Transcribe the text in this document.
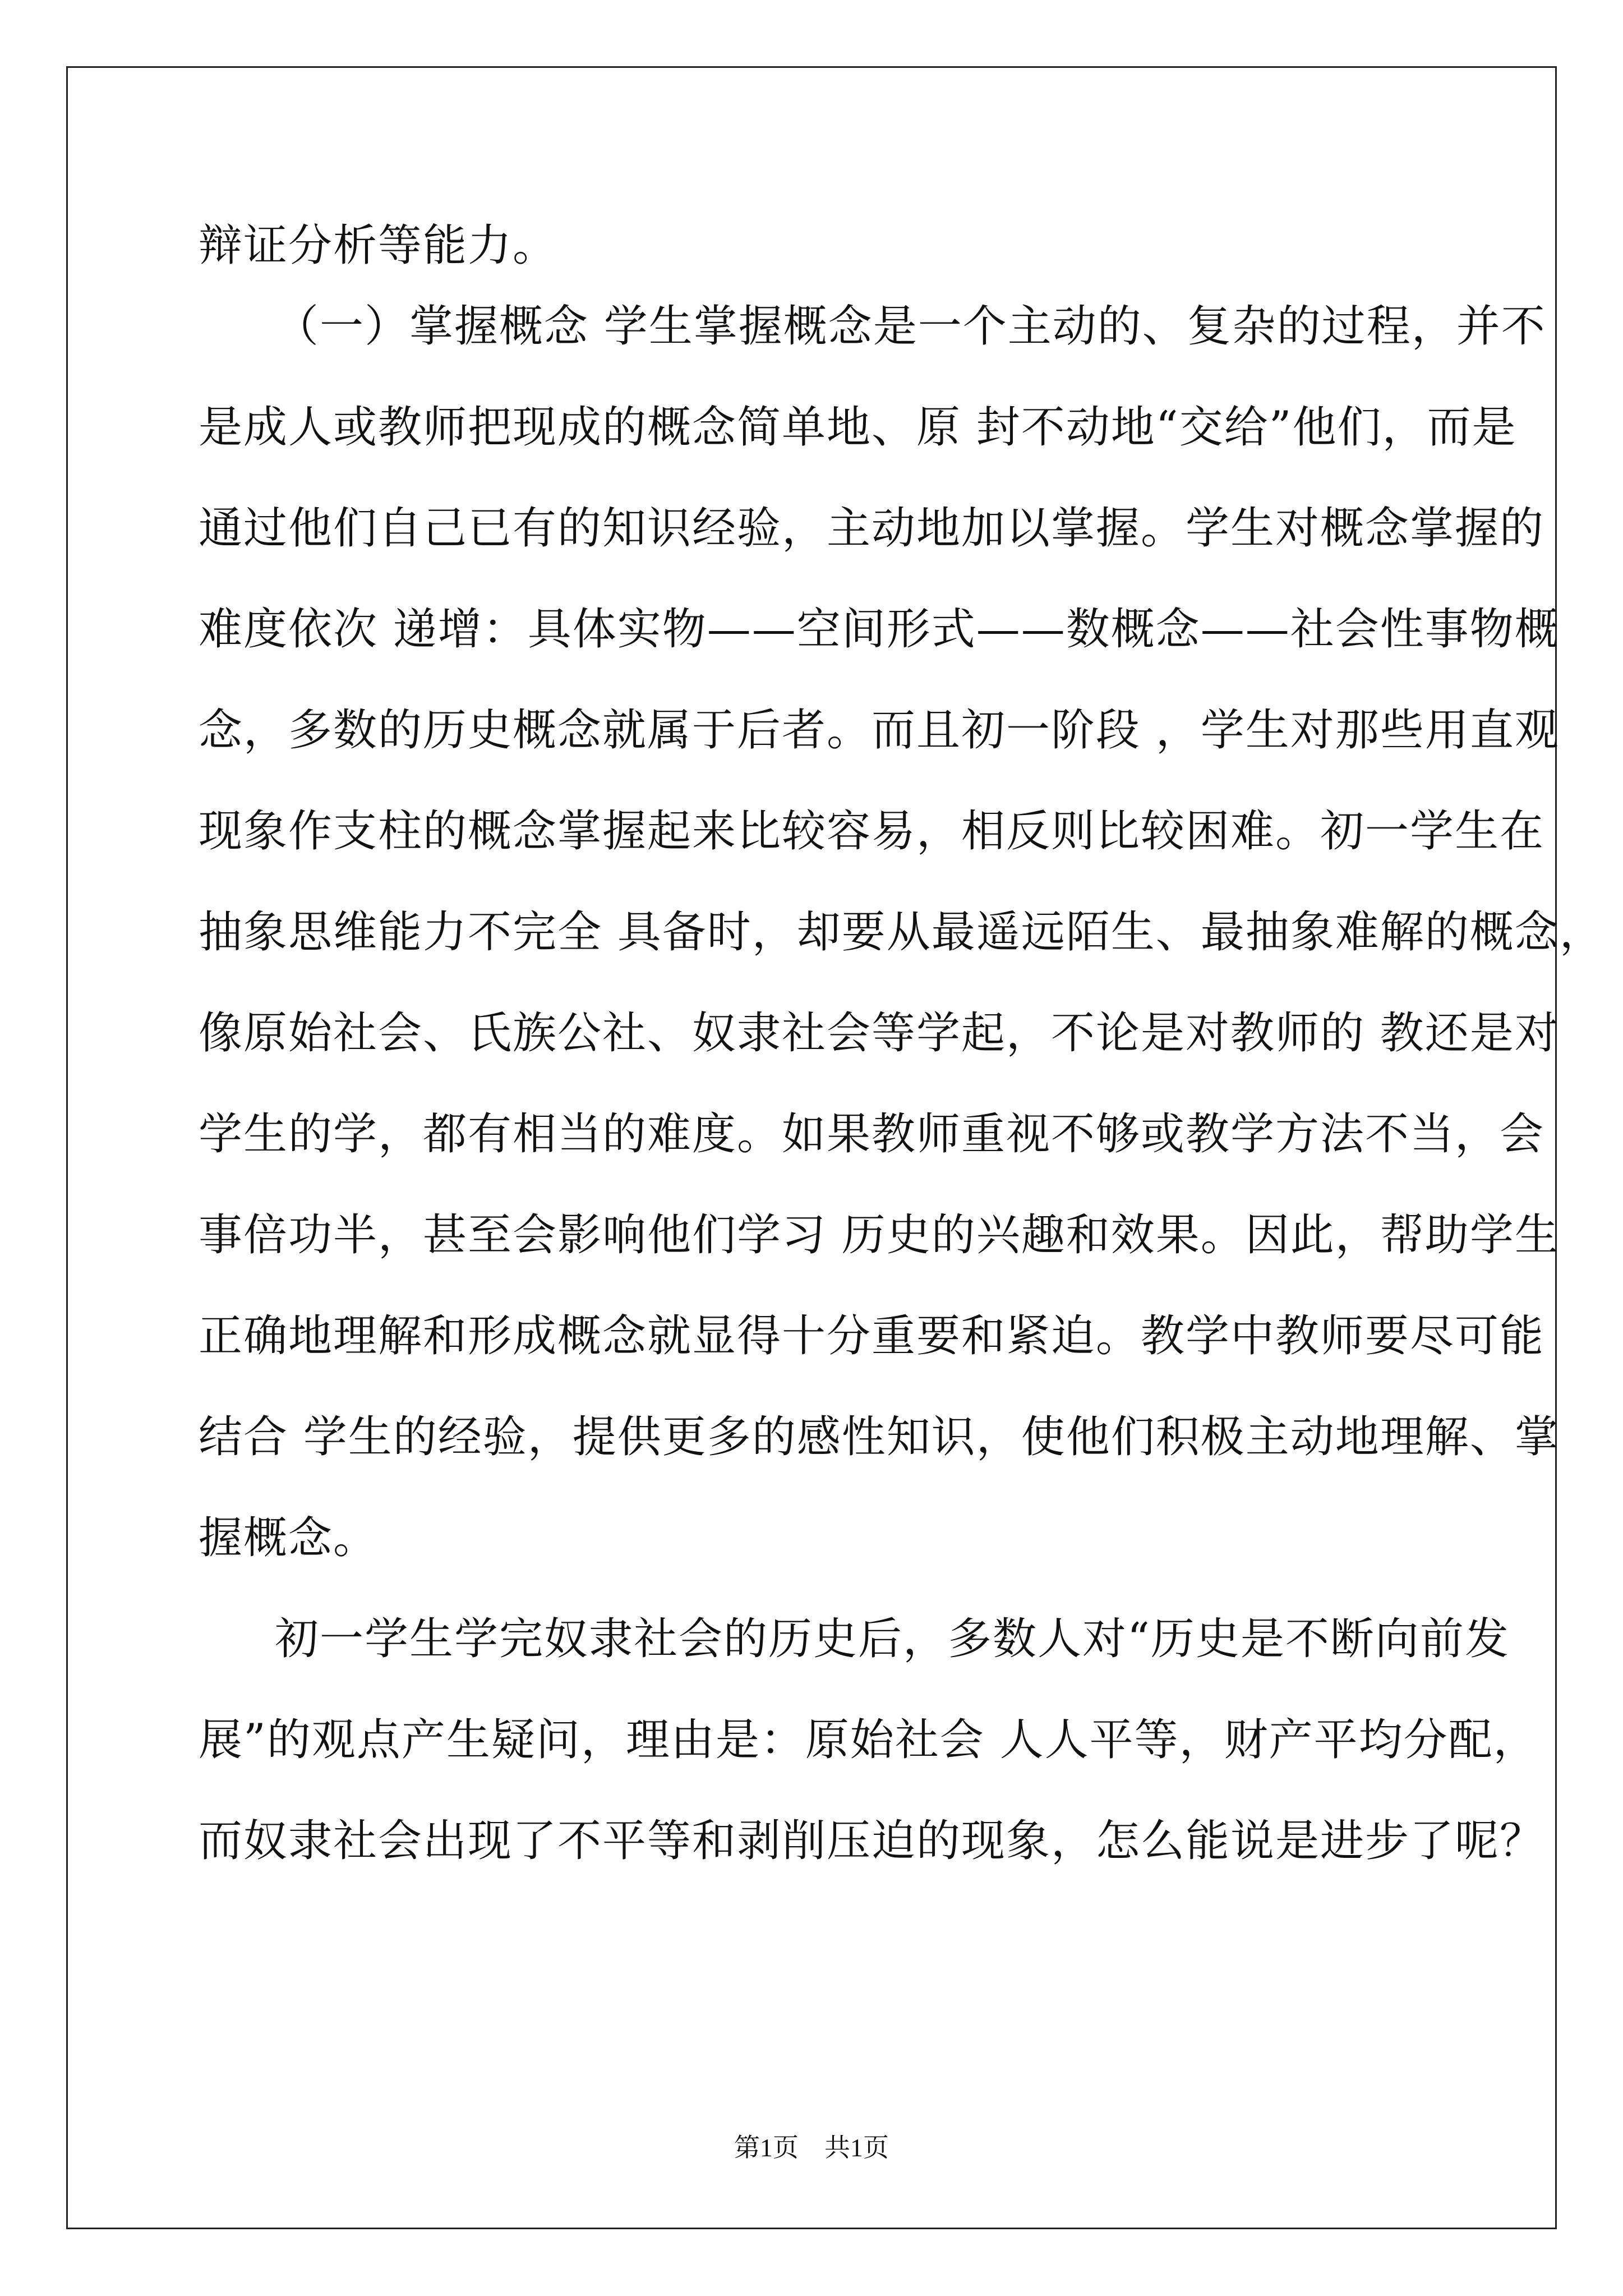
辩证分析等能力。
（一）掌握概念 学生掌握概念是一个主动的、复杂的过程，并不
是成人或教师把现成的概念简单地、原 封不动地“交给”他们，而是
通过他们自己已有的知识经验，主动地加以掌握。学生对概念掌握的
难度依次 递增：具体实物——空间形式——数概念——社会性事物概
念，多数的历史概念就属于后者。而且初一阶段 ，学生对那些用直观
现象作支柱的概念掌握起来比较容易，相反则比较困难。初一学生在
抽象思维能力不完全 具备时，却要从最遥远陌生、最抽象难解的概念，
像原始社会、氏族公社、奴隶社会等学起，不论是对教师的 教还是对
学生的学，都有相当的难度。如果教师重视不够或教学方法不当，会
事倍功半，甚至会影响他们学习 历史的兴趣和效果。因此，帮助学生
正确地理解和形成概念就显得十分重要和紧迫。教学中教师要尽可能
结合 学生的经验，提供更多的感性知识，使他们积极主动地理解、掌
握概念。
初一学生学完奴隶社会的历史后，多数人对“历史是不断向前发
展”的观点产生疑问，理由是：原始社会 人人平等，财产平均分配，
而奴隶社会出现了不平等和剥削压迫的现象，怎么能说是进步了呢？
第1页　共1页
